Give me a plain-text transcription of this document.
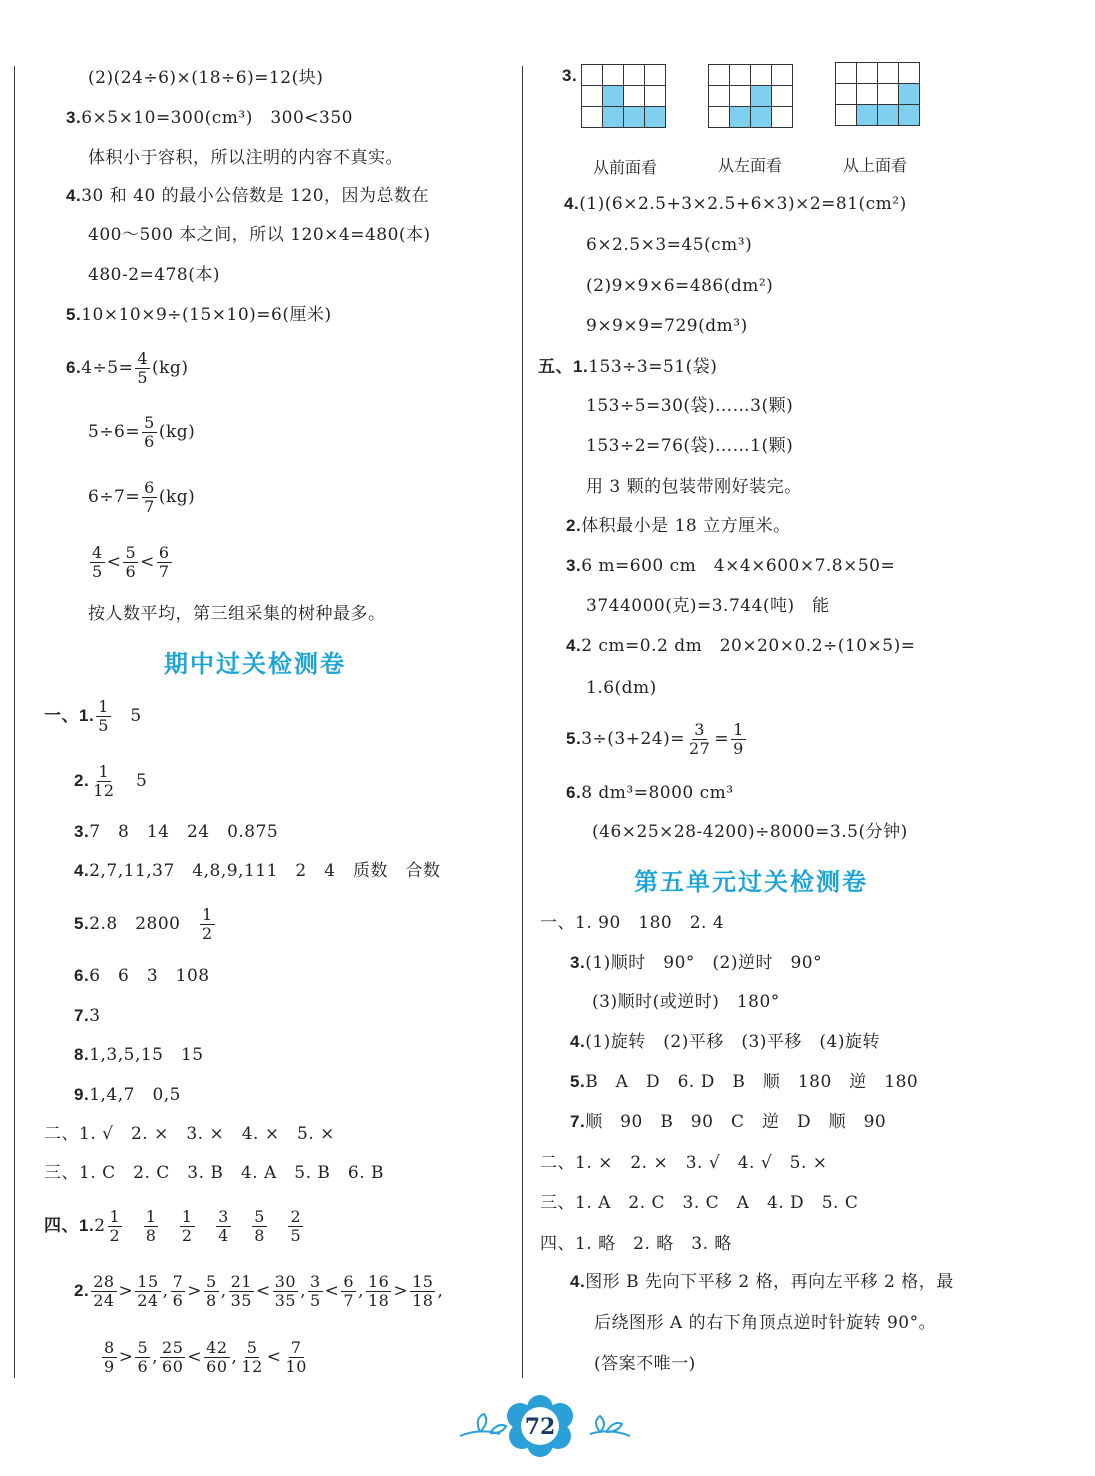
(2)(24÷6)×(18÷6)=12(块)
3.6×5×10=300(cm³)　300<350
体积小于容积，所以注明的内容不真实。
4.30 和 40 的最小公倍数是 120，因为总数在
400～500 本之间，所以 120×4=480(本)
480-2=478(本)
5.10×10×9÷(15×10)=6(厘米)
$6.4\div 5= \frac{4}{5} (kg)$
$5\div 6= \frac{5}{6} (kg)$
$6\div 7= \frac{6}{7} (kg)$
$\frac{4}{5} < \frac{5}{6} < \frac{6}{7}$
按人数平均，第三组采集的树种最多。
期中过关检测卷
一、1. $\frac{1}{5}$
　 5
2. $\frac{1}{12}$
　 5
3.7　8　14　24　0.875
4.2,7,11,37　4,8,9,111　2　4　质数　合数
5.2.8　2800　 $\frac{1}{2}$
6.6　6　3　108
7.3
8.1,3,5,15　15
9.1,4,7　0,5
二、1. √　2. ×　3. ×　4. ×　5. ×
三、1. C　2. C　3. B　4. A　5. B　6. B
四、$1.2 \frac{1}{2}$
　 $\frac{1}{8}$
　 $\frac{1}{2}$
　 $\frac{3}{4}$
　 $\frac{5}{8}$
　 $\frac{2}{5}$
2. $\frac{28}{24} > \frac{15}{24}$ , $\frac{7}{6} > \frac{5}{8}$ , $\frac{21}{35} < \frac{30}{35}$ , $\frac{3}{5} < \frac{6}{7}$ , $\frac{16}{18} > \frac{15}{18}$ ,
$\frac{8}{9} > \frac{5}{6}$ , $\frac{25}{60} < \frac{42}{60}$ , $\frac{5}{12} < \frac{7}{10}$
3.

从前面看	从左面看	从上面看
4.(1)(6×2.5+3×2.5+6×3)×2=81(cm²)
6×2.5×3=45(cm³)
(2)9×9×6=486(dm²)
9×9×9=729(dm³)
五、1.153÷3=51(袋)
153÷5=30(袋)……3(颗)
153÷2=76(袋)……1(颗)
用 3 颗的包装带刚好装完。
2.体积最小是 18 立方厘米。
3.6 m=600 cm　4×4×600×7.8×50=
3744000(克)=3.744(吨)　能
4.2 cm=0.2 dm　20×20×0.2÷(10×5)=
1.6(dm)
$5.3\div(3+24)= \frac{3}{27} = \frac{1}{9}$
6.8 dm³=8000 cm³
(46×25×28-4200)÷8000=3.5(分钟)
第五单元过关检测卷
一、1. 90　180　2. 4
3.(1)顺时　90°　(2)逆时　90°
(3)顺时(或逆时)　180°
4.(1)旋转　(2)平移　(3)平移　(4)旋转
5.B　A　D　6. D　B　顺　180　逆　180
7.顺　90　B　90　C　逆　D　顺　90
二、1. ×　2. ×　3. √　4. √　5. ×
三、1. A　2. C　3. C　A　4. D　5. C
四、1. 略　2. 略　3. 略
4.图形 B 先向下平移 2 格，再向左平移 2 格，最
后绕图形 A 的右下角顶点逆时针旋转 90°。
(答案不唯一)
72
